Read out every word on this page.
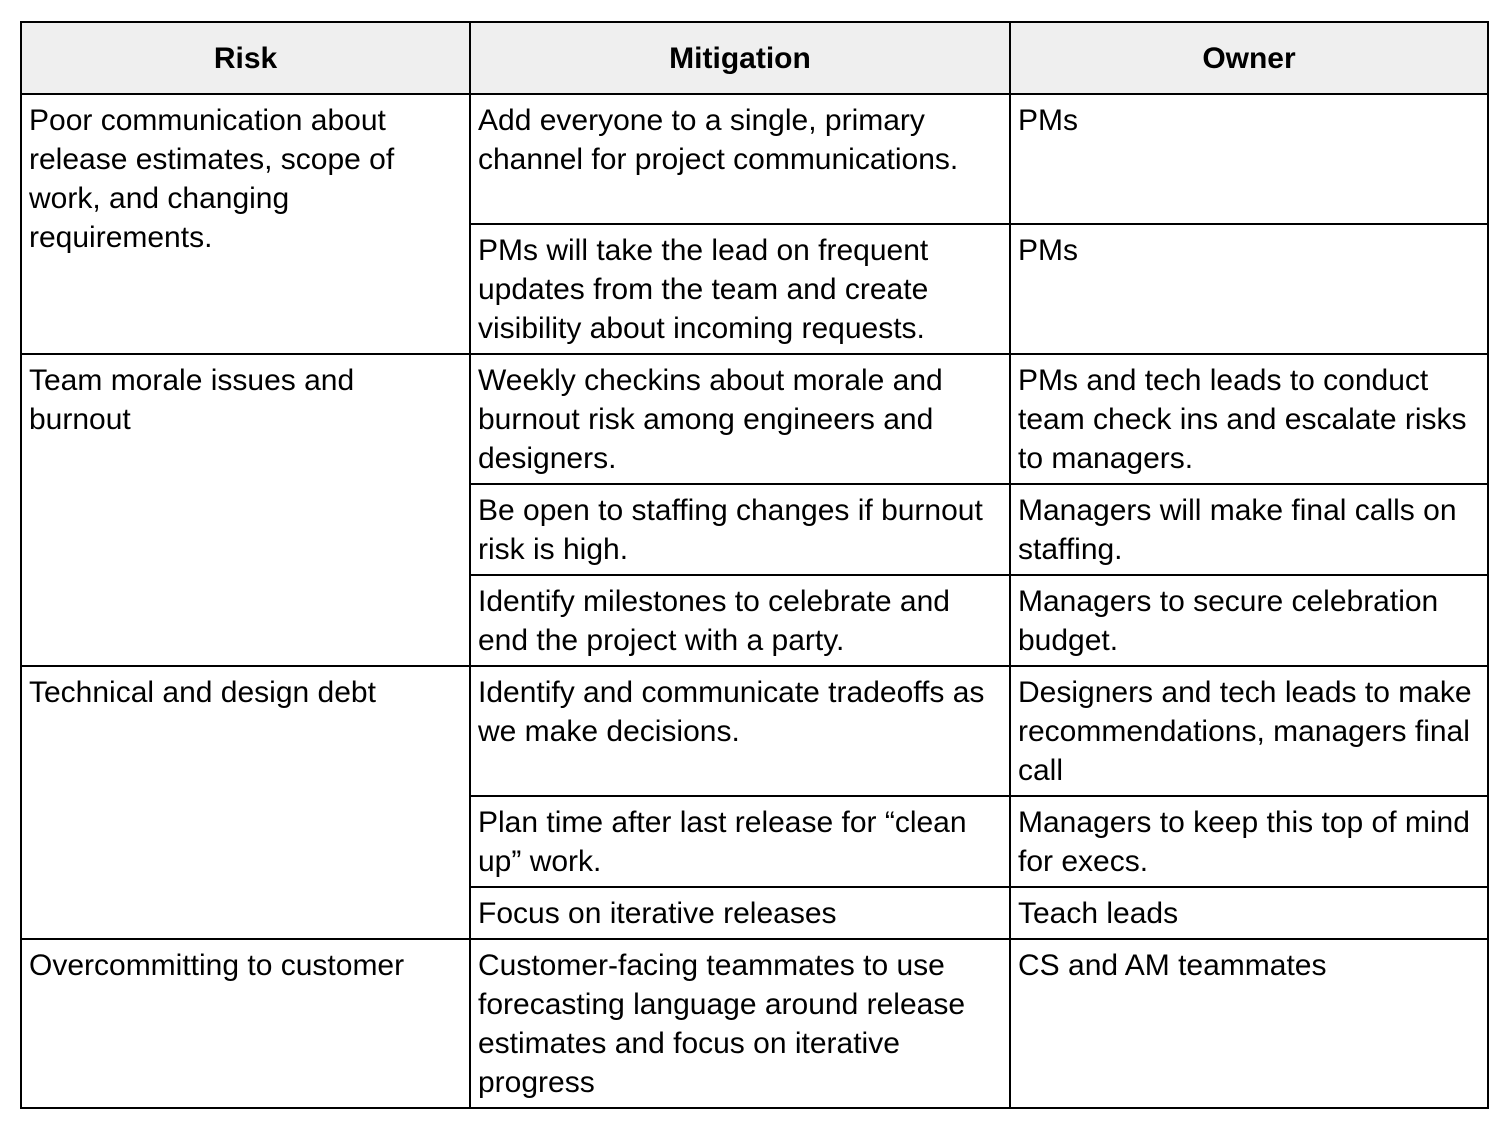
Risk	Mitigation	Owner
Poor communication about release estimates, scope of work, and changing requirements.	Add everyone to a single, primary channel for project communications.	PMs
	PMs will take the lead on frequent updates from the team and create visibility about incoming requests.	PMs
Team morale issues and burnout	Weekly checkins about morale and burnout risk among engineers and designers.	PMs and tech leads to conduct team check ins and escalate risks to managers.
	Be open to staffing changes if burnout risk is high.	Managers will make final calls on staffing.
	Identify milestones to celebrate and end the project with a party.	Managers to secure celebration budget.
Technical and design debt	Identify and communicate tradeoffs as we make decisions.	Designers and tech leads to make recommendations, managers final call
	Plan time after last release for “clean up” work.	Managers to keep this top of mind for execs.
	Focus on iterative releases	Teach leads
Overcommitting to customer	Customer-facing teammates to use forecasting language around release estimates and focus on iterative progress	CS and AM teammates
